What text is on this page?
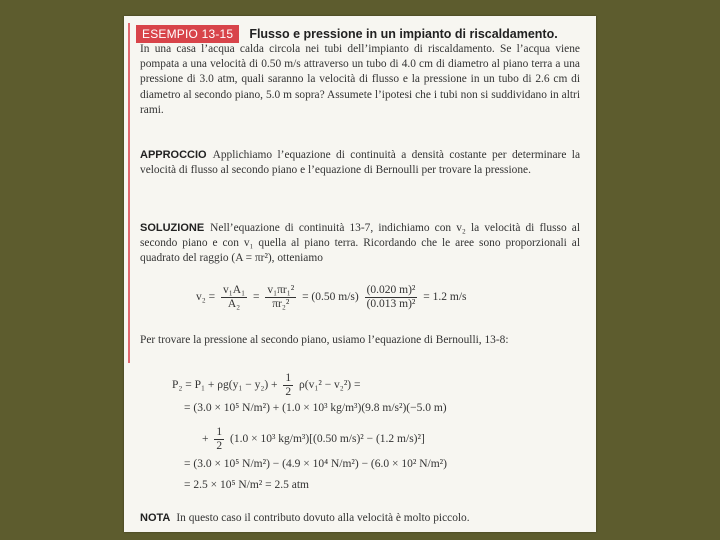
ESEMPIO 13-15	Flusso e pressione in un impianto di riscaldamento.

In una casa l’acqua calda circola nei tubi dell’impianto di riscaldamento. Se l’acqua viene pompata a una velocità di 0.50 m/s attraverso un tubo di 4.0 cm di diametro al piano terra a una pressione di 3.0 atm, quali saranno la velocità di flusso e la pressione in un tubo di 2.6 cm di diametro al secondo piano, 5.0 m sopra? Assumete l’ipotesi che i tubi non si suddividano in altri rami.

APPROCCIO Applichiamo l’equazione di continuità a densità costante per determinare la velocità di flusso al secondo piano e l’equazione di Bernoulli per trovare la pressione.

SOLUZIONE Nell’equazione di continuità 13-7, indichiamo con v₂ la velocità di flusso al secondo piano e con v₁ quella al piano terra. Ricordando che le aree sono proporzionali al quadrato del raggio (A = πr²), otteniamo

$v_2 = \frac{\text{v₁A₁}}{\text{A₂}} = \frac{\text{v₁πr₁²}}{\text{πr₂²}} = (0.50$ $m/s) \frac{\text{(0.020 m)²}}{\text{(0.013 m)²}} = 1.2$ m/s

Per trovare la pressione al secondo piano, usiamo l’equazione di Bernoulli, 13-8:

$P_2 = P_1 + \rho g(y_1 - y_2) + \frac{1}{2} \rho(v_1^2 - v_2^2)$ =
= (3.0 × 10⁵ N/m²) + (1.0 × 10³ kg/m³)(9.8 m/s²)(−5.0 m)
+ $\frac{1}{2} (1.0 \times 10^3$ kg/m³)[(0.50 m/s)² − (1.2 m/s)²]
= (3.0 × 10⁵ N/m²) − (4.9 × 10⁴ N/m²) − (6.0 × 10² N/m²)
= 2.5 × 10⁵ N/m² = 2.5 atm

NOTA In questo caso il contributo dovuto alla velocità è molto piccolo.
